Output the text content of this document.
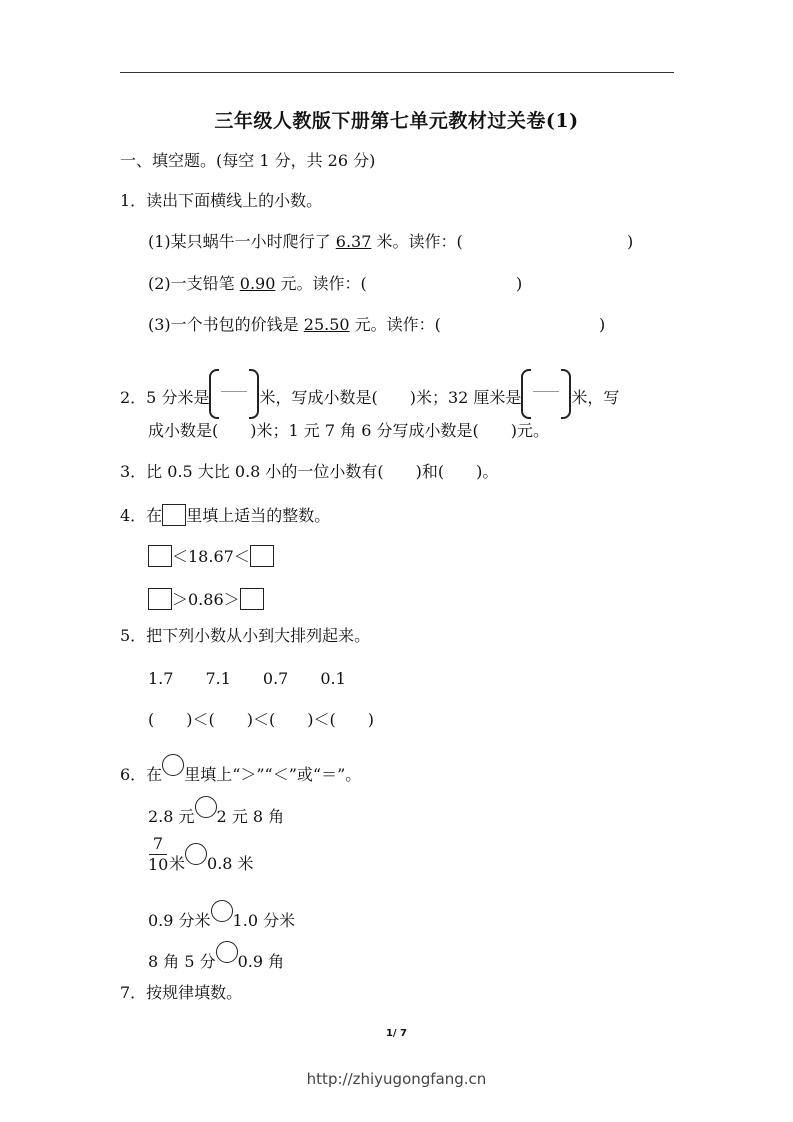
三年级人教版下册第七单元教材过关卷(1)
一、填空题。(每空 1 分，共 26 分)
1．读出下面横线上的小数。
(1)某只蜗牛一小时爬行了 6.37 米。读作：(	)
(2)一支铅笔 0.90 元。读作：(	)
(3)一个书包的价钱是 25.50 元。读作：(	)
2．5 分米是	米，写成小数是(　　)米；32 厘米是	米，写
成小数是(　　)米；1 元 7 角 6 分写成小数是(　　)元。
3．比 0.5 大比 0.8 小的一位小数有(　　)和(　　)。
4．在 里填上适当的整数。
＜18.67＜
＞0.86＞
5．把下列小数从小到大排列起来。
1.7　　7.1　　0.7　　0.1
(　　)＜(　　)＜(　　)＜(　　)
6．在 里填上“＞”“＜”或“＝”。
2.8 元 2 元 8 角
7
10 米 0.8 米
0.9 分米 1.0 分米
8 角 5 分 0.9 角
7．按规律填数。
1/ 7
http://zhiyugongfang.cn
